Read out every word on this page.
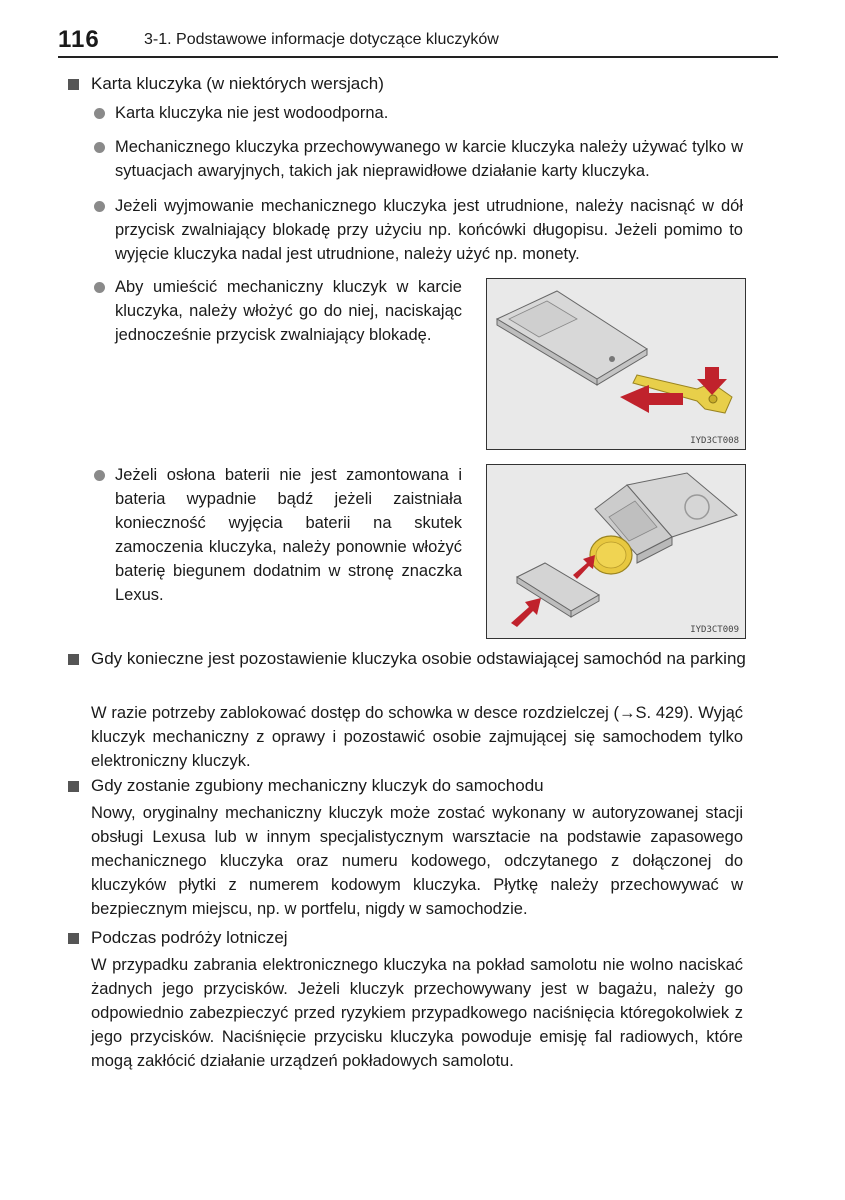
116	3-1. Podstawowe informacje dotyczące kluczyków
Karta kluczyka (w niektórych wersjach)
Karta kluczyka nie jest wodoodporna.
Mechanicznego kluczyka przechowywanego w karcie kluczyka należy używać tylko w sytuacjach awaryjnych, takich jak nieprawidłowe działanie karty kluczyka.
Jeżeli wyjmowanie mechanicznego kluczyka jest utrudnione, należy nacisnąć w dół przycisk zwalniający blokadę przy użyciu np. końcówki długopisu. Jeżeli pomimo to wyjęcie kluczyka nadal jest utrudnione, należy użyć np. monety.
Aby umieścić mechaniczny kluczyk w karcie kluczyka, należy włożyć go do niej, naciskając jednocześnie przycisk zwalniający blokadę.
IYD3CT008
Jeżeli osłona baterii nie jest zamontowana i bateria wypadnie bądź jeżeli zaistniała konieczność wyjęcia baterii na skutek zamoczenia kluczyka, należy ponownie włożyć baterię biegunem dodatnim w stronę znaczka Lexus.
IYD3CT009
Gdy konieczne jest pozostawienie kluczyka osobie odstawiającej samochód na parking
W razie potrzeby zablokować dostęp do schowka w desce rozdzielczej (→S. 429). Wyjąć kluczyk mechaniczny z oprawy i pozostawić osobie zajmującej się samochodem tylko elektroniczny kluczyk.
Gdy zostanie zgubiony mechaniczny kluczyk do samochodu
Nowy, oryginalny mechaniczny kluczyk może zostać wykonany w autoryzowanej stacji obsługi Lexusa lub w innym specjalistycznym warsztacie na podstawie zapasowego mechanicznego kluczyka oraz numeru kodowego, odczytanego z dołączonej do kluczyków płytki z numerem kodowym kluczyka. Płytkę należy przechowywać w bezpiecznym miejscu, np. w portfelu, nigdy w samochodzie.
Podczas podróży lotniczej
W przypadku zabrania elektronicznego kluczyka na pokład samolotu nie wolno naciskać żadnych jego przycisków. Jeżeli kluczyk przechowywany jest w bagażu, należy go odpowiednio zabezpieczyć przed ryzykiem przypadkowego naciśnięcia któregokolwiek z jego przycisków. Naciśnięcie przycisku kluczyka powoduje emisję fal radiowych, które mogą zakłócić działanie urządzeń pokładowych samolotu.
